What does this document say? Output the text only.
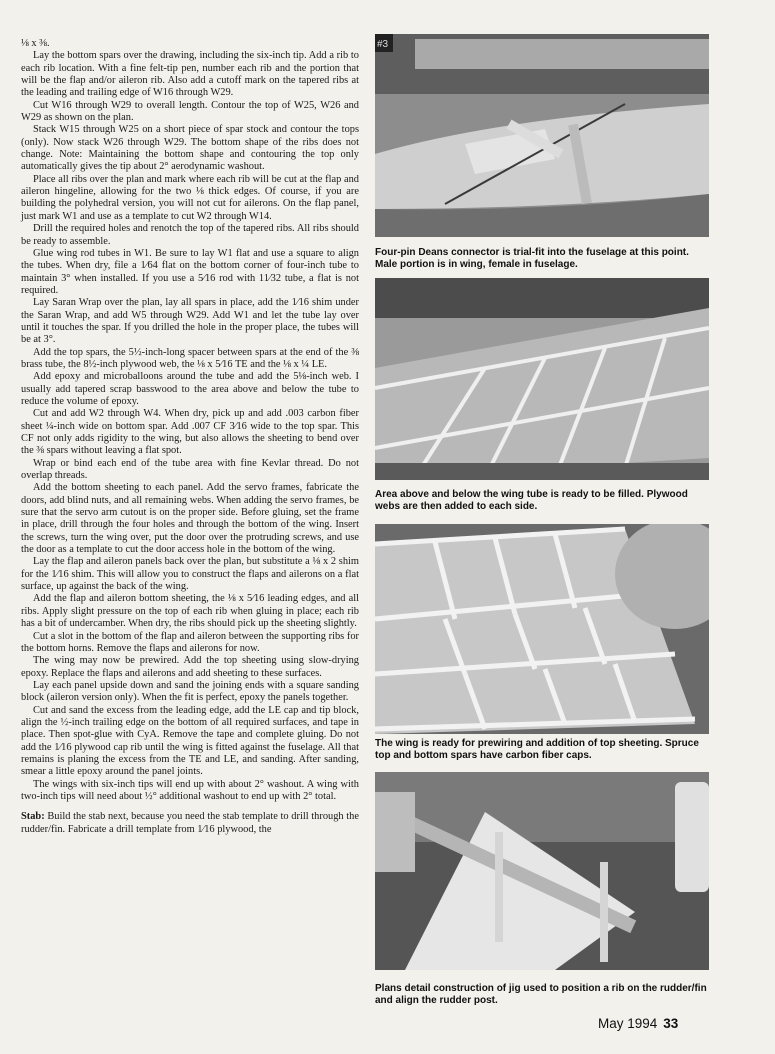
⅛ x ⅜.

Lay the bottom spars over the drawing, including the six-inch tip. Add a rib to each rib location. With a fine felt-tip pen, number each rib and the portion that will be the flap and/or aileron rib. Also add a cutoff mark on the tapered ribs at the leading and trailing edge of W16 through W29.

Cut W16 through W29 to overall length. Contour the top of W25, W26 and W29 as shown on the plan.

Stack W15 through W25 on a short piece of spar stock and contour the tops (only). Now stack W26 through W29. The bottom shape of the ribs does not change. Note: Maintaining the bottom shape and contouring the top only automatically gives the tip about 2° aerodynamic washout.

Place all ribs over the plan and mark where each rib will be cut at the flap and aileron hingeline, allowing for the two ⅛ thick edges. Of course, if you are building the polyhedral version, you will not cut for ailerons. On the flap panel, just mark W1 and use as a template to cut W2 through W14.

Drill the required holes and renotch the top of the tapered ribs. All ribs should be ready to assemble.

Glue wing rod tubes in W1. Be sure to lay W1 flat and use a square to align the tubes. When dry, file a 1⁄64 flat on the bottom corner of four-inch tube to maintain 3° when installed. If you use a 5⁄16 rod with 11⁄32 tube, a flat is not required.

Lay Saran Wrap over the plan, lay all spars in place, add the 1⁄16 shim under the Saran Wrap, and add W5 through W29. Add W1 and let the tube lay over until it touches the spar. If you drilled the hole in the proper place, the tubes will be at 3°.

Add the top spars, the 5½-inch-long spacer between spars at the end of the ⅜ brass tube, the 8½-inch plywood web, the ⅛ x 5⁄16 TE and the ⅛ x ¼ LE.

Add epoxy and microballoons around the tube and add the 5⅛-inch web. I usually add tapered scrap basswood to the area above and below the tube to reduce the volume of epoxy.

Cut and add W2 through W4. When dry, pick up and add .003 carbon fiber sheet ¼-inch wide on bottom spar. Add .007 CF 3⁄16 wide to the top spar. This CF not only adds rigidity to the wing, but also allows the sheeting to bend over the ⅜ spars without leaving a flat spot.

Wrap or bind each end of the tube area with fine Kevlar thread. Do not overlap threads.

Add the bottom sheeting to each panel. Add the servo frames, fabricate the doors, add blind nuts, and all remaining webs. When adding the servo frames, be sure that the servo arm cutout is on the proper side. Before gluing, set the frame in place, drill through the four holes and through the bottom of the wing. Insert the screws, turn the wing over, put the door over the protruding screws, and use the door as a template to cut the door access hole in the bottom of the wing.

Lay the flap and aileron panels back over the plan, but substitute a ⅛ x 2 shim for the 1⁄16 shim. This will allow you to construct the flaps and ailerons on a flat surface, up against the back of the wing.

Add the flap and aileron bottom sheeting, the ⅛ x 5⁄16 leading edges, and all ribs. Apply slight pressure on the top of each rib when gluing in place; each rib has a bit of undercamber. When dry, the ribs should pick up the sheeting slightly.

Cut a slot in the bottom of the flap and aileron between the supporting ribs for the bottom horns. Remove the flaps and ailerons for now.

The wing may now be prewired. Add the top sheeting using slow-drying epoxy. Replace the flaps and ailerons and add sheeting to these surfaces.

Lay each panel upside down and sand the joining ends with a square sanding block (aileron version only). When the fit is perfect, epoxy the panels together.

Cut and sand the excess from the leading edge, add the LE cap and tip block, align the ½-inch trailing edge on the bottom of all required surfaces, and tape in place. Then spot-glue with CyA. Remove the tape and complete gluing. Do not add the 1⁄16 plywood cap rib until the wing is fitted against the fuselage. All that remains is planing the excess from the TE and LE, and sanding. After sanding, smear a little epoxy around the panel joints.

The wings with six-inch tips will end up with about 2° washout. A wing with two-inch tips will need about ½° additional washout to end up with 2° total.

Stab: Build the stab next, because you need the stab template to drill through the rudder/fin. Fabricate a drill template from 1⁄16 plywood, the

#3
Four-pin Deans connector is trial-fit into the fuselage at this point. Male portion is in wing, female in fuselage.
Area above and below the wing tube is ready to be filled. Plywood webs are then added to each side.
The wing is ready for prewiring and addition of top sheeting. Spruce top and bottom spars have carbon fiber caps.
Plans detail construction of jig used to position a rib on the rudder/fin and align the rudder post.
May 1994 33
